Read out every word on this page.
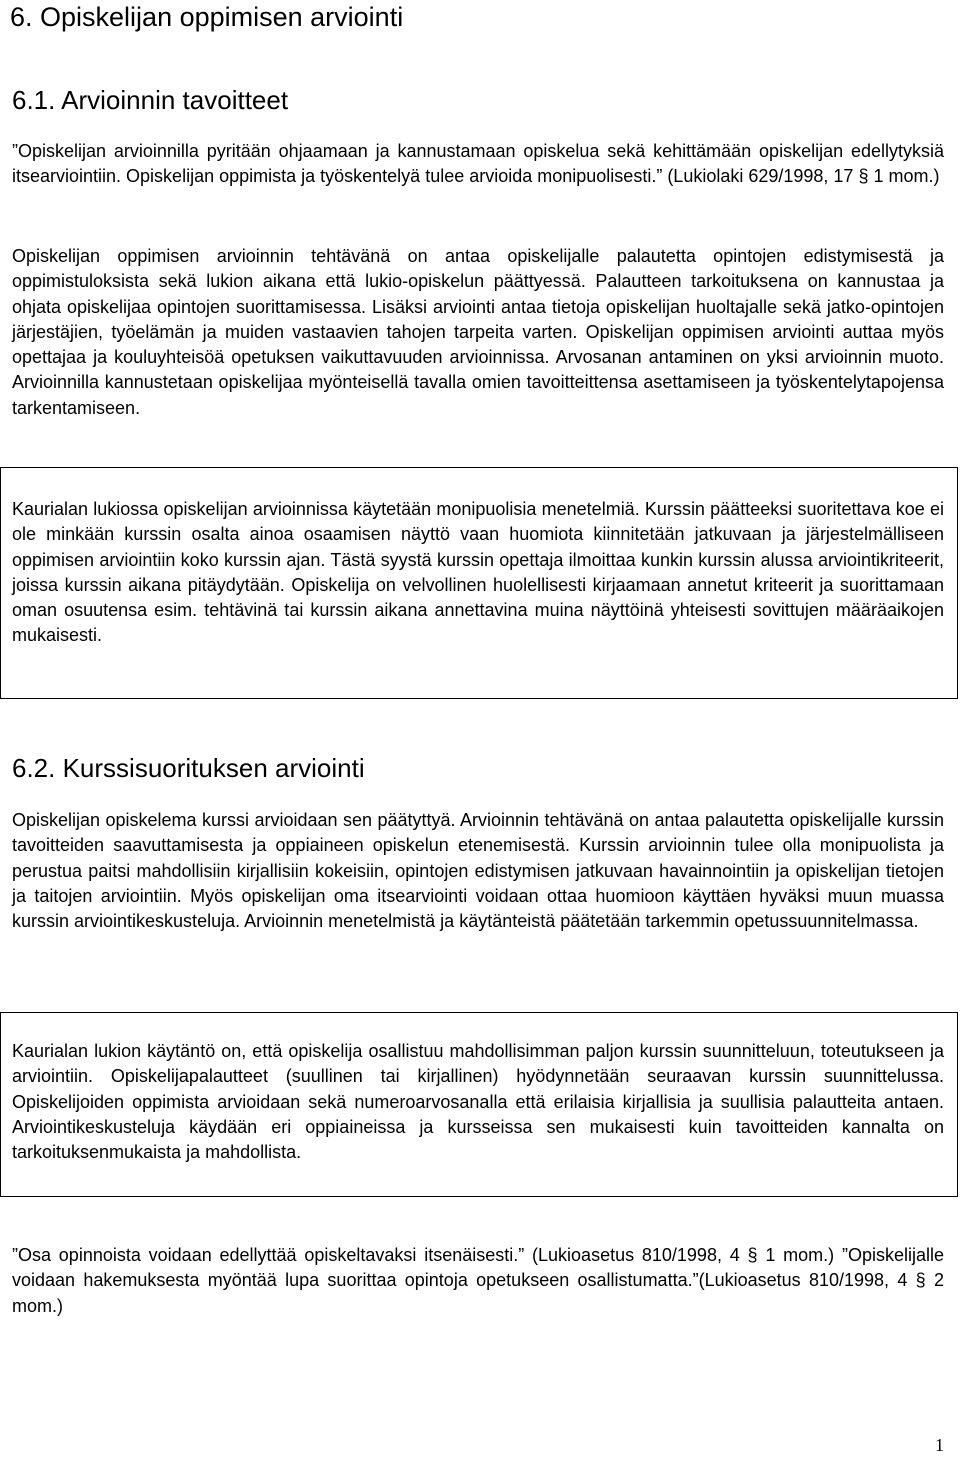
6. Opiskelijan oppimisen arviointi
6.1. Arvioinnin tavoitteet

”Opiskelijan arvioinnilla pyritään ohjaamaan ja kannustamaan opiskelua sekä kehittämään opiskelijan edellytyksiä itsearviointiin. Opiskelijan oppimista ja työskentelyä tulee arvioida monipuolisesti.” (Lukiolaki 629/1998, 17 § 1 mom.)

Opiskelijan oppimisen arvioinnin tehtävänä on antaa opiskelijalle palautetta opintojen edistymisestä ja oppimistuloksista sekä lukion aikana että lukio-opiskelun päättyessä. Palautteen tarkoituksena on kannustaa ja ohjata opiskelijaa opintojen suorittamisessa. Lisäksi arviointi antaa tietoja opiskelijan huoltajalle sekä jatko-opintojen järjestäjien, työelämän ja muiden vastaavien tahojen tarpeita varten. Opiskelijan oppimisen arviointi auttaa myös opettajaa ja kouluyhteisöä opetuksen vaikuttavuuden arvioinnissa. Arvosanan antaminen on yksi arvioinnin muoto. Arvioinnilla kannustetaan opiskelijaa myönteisellä tavalla omien tavoitteittensa asettamiseen ja työskentelytapojensa tarkentamiseen.

Kaurialan lukiossa opiskelijan arvioinnissa käytetään monipuolisia menetelmiä. Kurssin päätteeksi suoritettava koe ei ole minkään kurssin osalta ainoa osaamisen näyttö vaan huomiota kiinnitetään jatkuvaan ja järjestelmälliseen oppimisen arviointiin koko kurssin ajan. Tästä syystä kurssin opettaja ilmoittaa kunkin kurssin alussa arviointikriteerit, joissa kurssin aikana pitäydytään. Opiskelija on velvollinen huolellisesti kirjaamaan annetut kriteerit ja suorittamaan oman osuutensa esim. tehtävinä tai kurssin aikana annettavina muina näyttöinä yhteisesti sovittujen määräaikojen mukaisesti.

6.2. Kurssisuorituksen arviointi

Opiskelijan opiskelema kurssi arvioidaan sen päätyttyä. Arvioinnin tehtävänä on antaa palautetta opiskelijalle kurssin tavoitteiden saavuttamisesta ja oppiaineen opiskelun etenemisestä. Kurssin arvioinnin tulee olla monipuolista ja perustua paitsi mahdollisiin kirjallisiin kokeisiin, opintojen edistymisen jatkuvaan havainnointiin ja opiskelijan tietojen ja taitojen arviointiin. Myös opiskelijan oma itsearviointi voidaan ottaa huomioon käyttäen hyväksi muun muassa kurssin arviointikeskusteluja. Arvioinnin menetelmistä ja käytänteistä päätetään tarkemmin opetussuunnitelmassa.

Kaurialan lukion käytäntö on, että opiskelija osallistuu mahdollisimman paljon kurssin suunnitteluun, toteutukseen ja arviointiin. Opiskelijapalautteet (suullinen tai kirjallinen) hyödynnetään seuraavan kurssin suunnittelussa. Opiskelijoiden oppimista arvioidaan sekä numeroarvosanalla että erilaisia kirjallisia ja suullisia palautteita antaen. Arviointikeskusteluja käydään eri oppiaineissa ja kursseissa sen mukaisesti kuin tavoitteiden kannalta on tarkoituksenmukaista ja mahdollista.

”Osa opinnoista voidaan edellyttää opiskeltavaksi itsenäisesti.” (Lukioasetus 810/1998, 4 § 1 mom.) ”Opiskelijalle voidaan hakemuksesta myöntää lupa suorittaa opintoja opetukseen osallistumatta.”(Lukioasetus 810/1998, 4 § 2 mom.)

1
